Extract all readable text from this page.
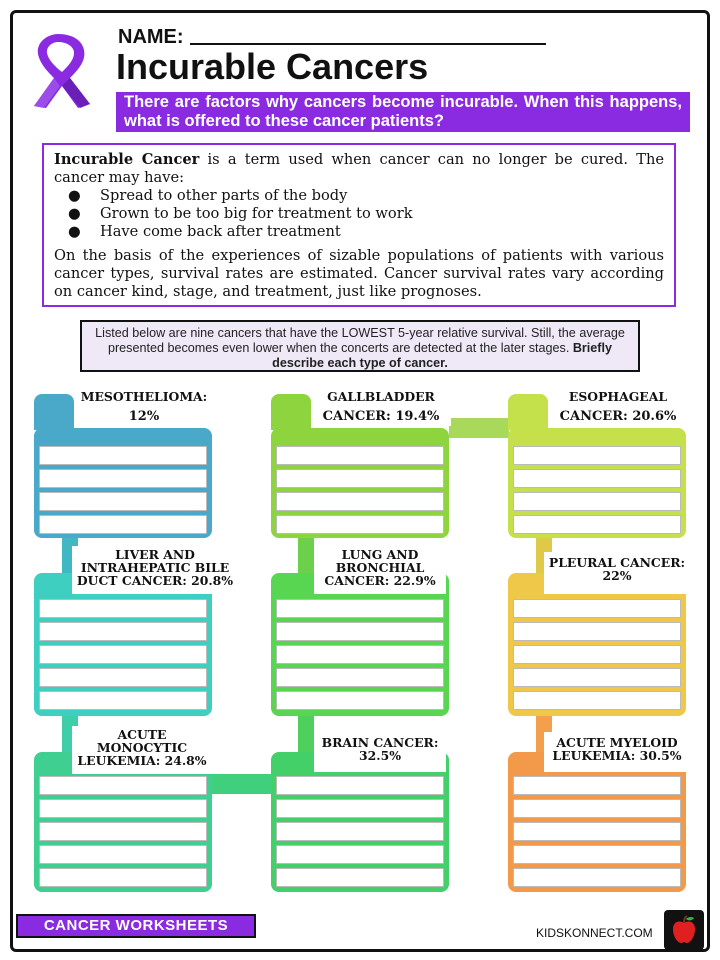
NAME:
Incurable Cancers
There are factors why cancers become incurable. When this happens, what is offered to these cancer patients?

Incurable Cancer is a term used when cancer can no longer be cured. The cancer may have:

● Spread to other parts of the body
● Grown to be too big for treatment to work
● Have come back after treatment

On the basis of the experiences of sizable populations of patients with various cancer types, survival rates are estimated. Cancer survival rates vary according on cancer kind, stage, and treatment, just like prognoses.

Listed below are nine cancers that have the LOWEST 5-year relative survival. Still, the average presented becomes even lower when the concerts are detected at the later stages. Briefly describe each type of cancer.
MESOTHELIOMA:
12%
GALLBLADDER
CANCER: 19.4%
ESOPHAGEAL
CANCER: 20.6%
LIVER AND INTRAHEPATIC BILE
DUCT CANCER: 20.8%
LUNG AND BRONCHIAL
CANCER: 22.9%
PLEURAL CANCER:
22%
ACUTE MONOCYTIC
LEUKEMIA: 24.8%
BRAIN CANCER:
32.5%
ACUTE MYELOID
LEUKEMIA: 30.5%
CANCER WORKSHEETS	KIDSKONNECT.COM
